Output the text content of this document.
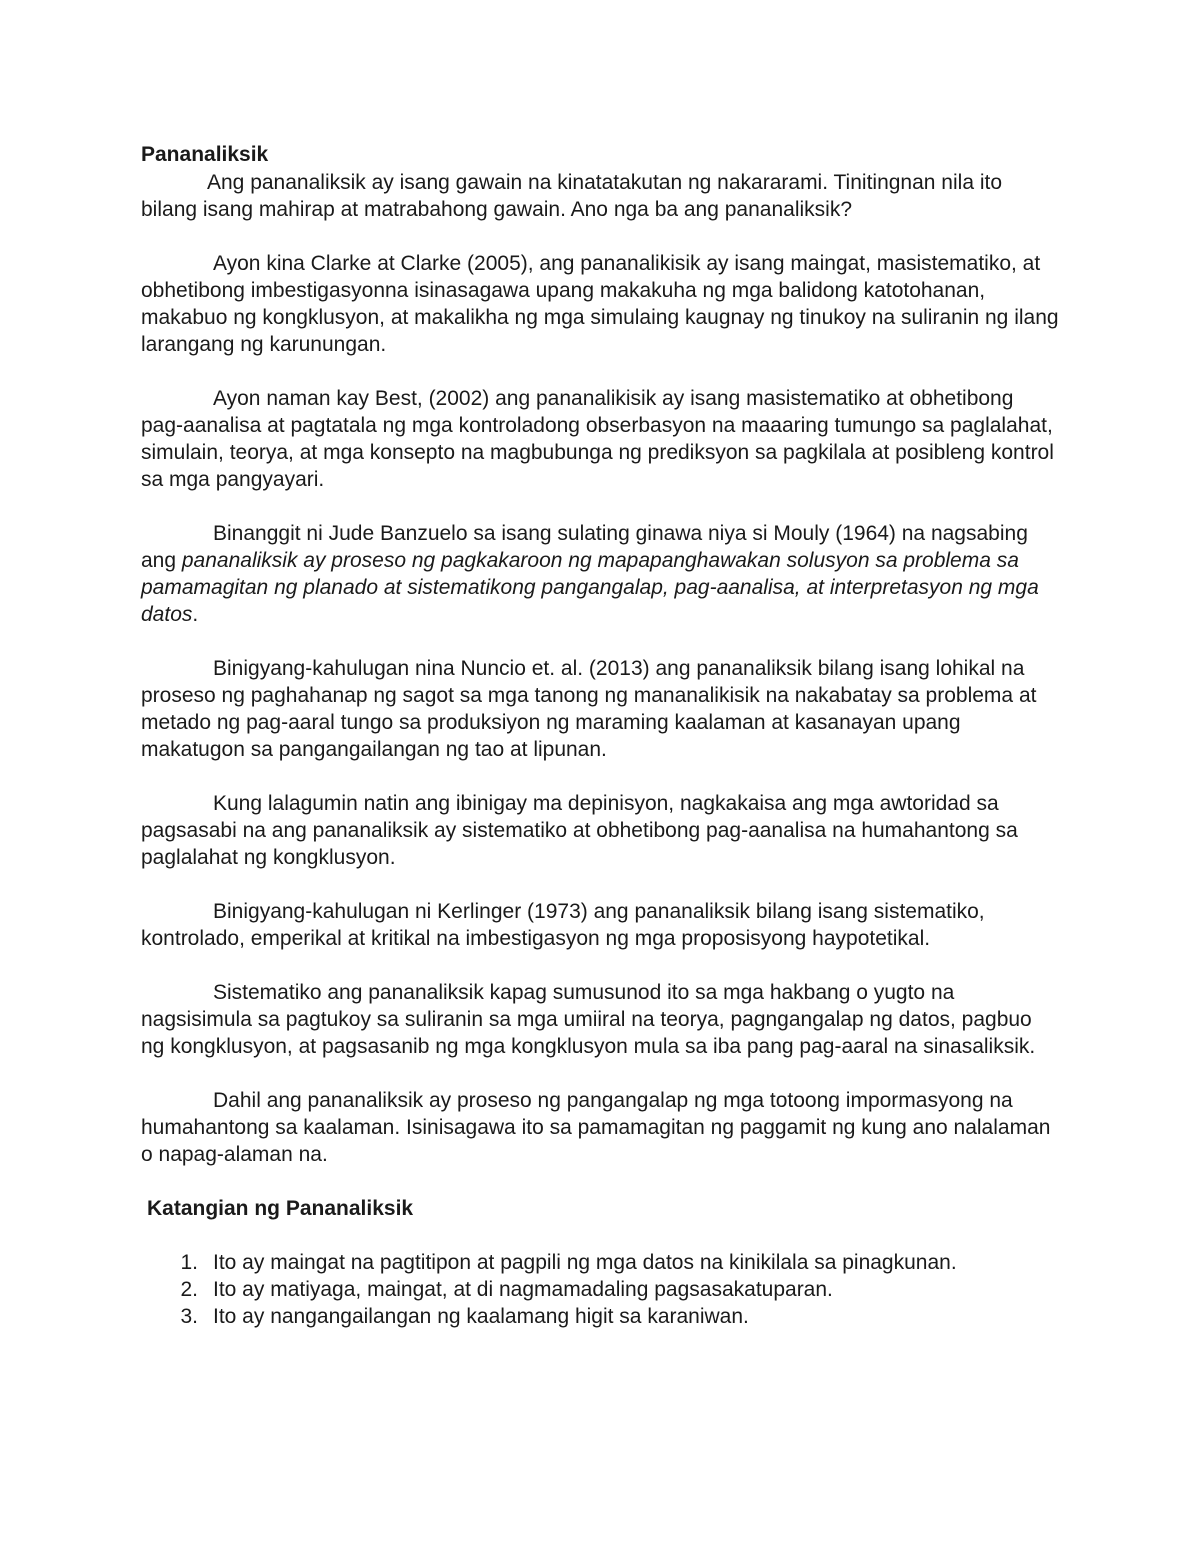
Pananaliksik

Ang pananaliksik ay isang gawain na kinatatakutan ng nakararami. Tinitingnan nila ito bilang isang mahirap at matrabahong gawain. Ano nga ba ang pananaliksik?

Ayon kina Clarke at Clarke (2005), ang pananalikisik ay isang maingat, masistematiko, at obhetibong imbestigasyonna isinasagawa upang makakuha ng mga balidong katotohanan, makabuo ng kongklusyon, at makalikha ng mga simulaing kaugnay ng tinukoy na suliranin ng ilang larangang ng karunungan.

Ayon naman kay Best, (2002) ang pananalikisik ay isang masistematiko at obhetibong pag-aanalisa at pagtatala ng mga kontroladong obserbasyon na maaaring tumungo sa paglalahat, simulain, teorya, at mga konsepto na magbubunga ng prediksyon sa pagkilala at posibleng kontrol sa mga pangyayari.

Binanggit ni Jude Banzuelo sa isang sulating ginawa niya si Mouly (1964) na nagsabing ang pananaliksik ay proseso ng pagkakaroon ng mapapanghawakan solusyon sa problema sa pamamagitan ng planado at sistematikong pangangalap, pag-aanalisa, at interpretasyon ng mga datos.

Binigyang-kahulugan nina Nuncio et. al. (2013) ang pananaliksik bilang isang lohikal na proseso ng paghahanap ng sagot sa mga tanong ng mananalikisik na nakabatay sa problema at metado ng pag-aaral tungo sa produksiyon ng maraming kaalaman at kasanayan upang makatugon sa pangangailangan ng tao at lipunan.

Kung lalagumin natin ang ibinigay ma depinisyon, nagkakaisa ang mga awtoridad sa pagsasabi na ang pananaliksik ay sistematiko at obhetibong pag-aanalisa na humahantong sa paglalahat ng kongklusyon.

Binigyang-kahulugan ni Kerlinger (1973) ang pananaliksik bilang isang sistematiko, kontrolado, emperikal at kritikal na imbestigasyon ng mga proposisyong haypotetikal.

Sistematiko ang pananaliksik kapag sumusunod ito sa mga hakbang o yugto na nagsisimula sa pagtukoy sa suliranin sa mga umiiral na teorya, pagngangalap ng datos, pagbuo ng kongklusyon, at pagsasanib ng mga kongklusyon mula sa iba pang pag-aaral na sinasaliksik.

Dahil ang pananaliksik ay proseso ng pangangalap ng mga totoong impormasyong na humahantong sa kaalaman. Isinisagawa ito sa pamamagitan ng paggamit ng kung ano nalalaman o napag-alaman na.

Katangian ng Pananaliksik
1. Ito ay maingat na pagtitipon at pagpili ng mga datos na kinikilala sa pinagkunan.
2. Ito ay matiyaga, maingat, at di nagmamadaling pagsasakatuparan.
3. Ito ay nangangailangan ng kaalamang higit sa karaniwan.
